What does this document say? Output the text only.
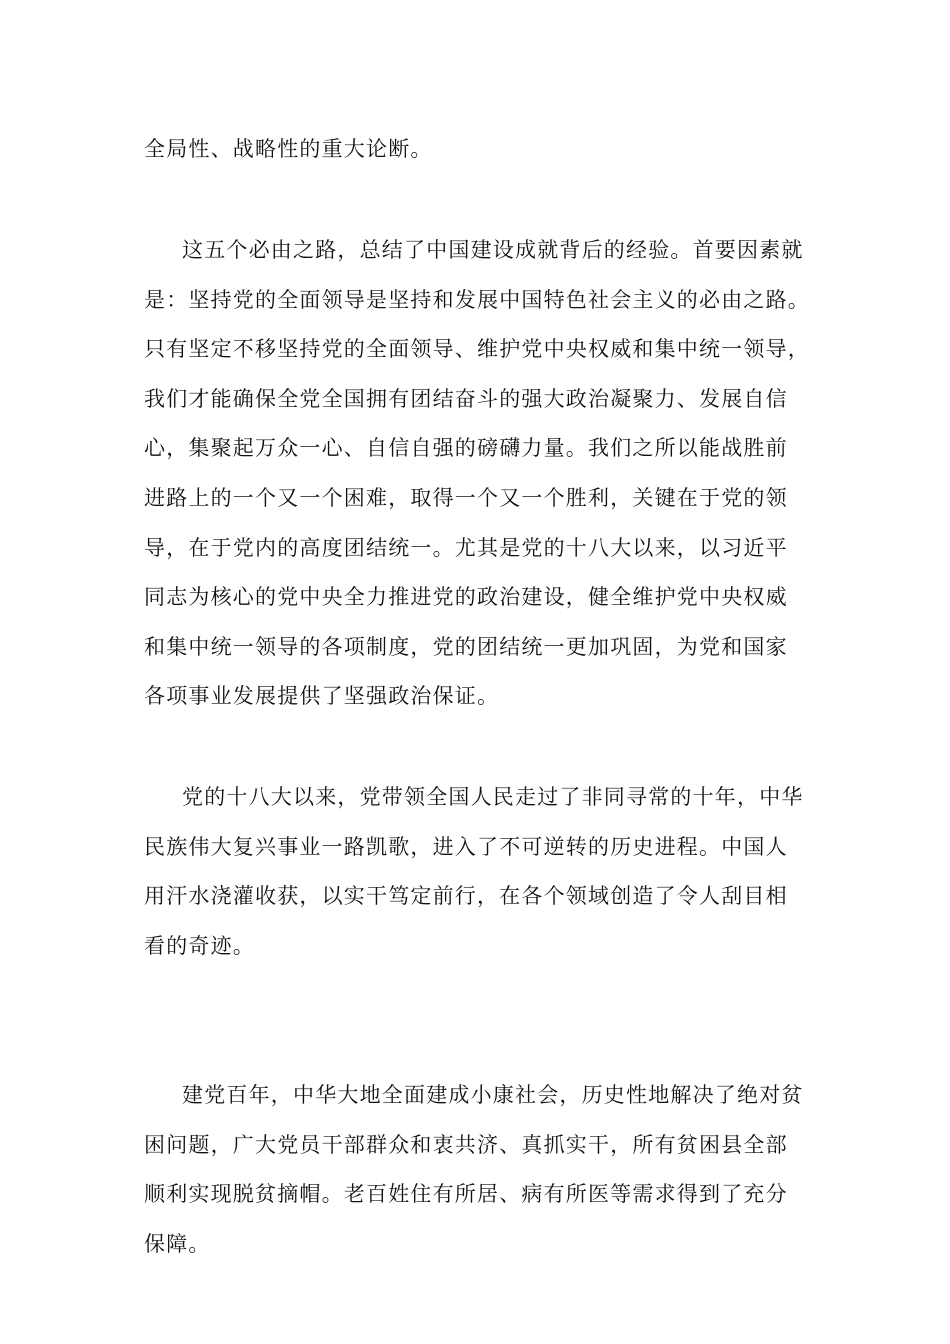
全局性、战略性的重大论断。
这五个必由之路，总结了中国建设成就背后的经验。首要因素就
是：坚持党的全面领导是坚持和发展中国特色社会主义的必由之路。
只有坚定不移坚持党的全面领导、维护党中央权威和集中统一领导，
我们才能确保全党全国拥有团结奋斗的强大政治凝聚力、发展自信
心，集聚起万众一心、自信自强的磅礴力量。我们之所以能战胜前
进路上的一个又一个困难，取得一个又一个胜利，关键在于党的领
导，在于党内的高度团结统一。尤其是党的十八大以来，以习近平
同志为核心的党中央全力推进党的政治建设，健全维护党中央权威
和集中统一领导的各项制度，党的团结统一更加巩固，为党和国家
各项事业发展提供了坚强政治保证。
党的十八大以来，党带领全国人民走过了非同寻常的十年，中华
民族伟大复兴事业一路凯歌，进入了不可逆转的历史进程。中国人
用汗水浇灌收获，以实干笃定前行，在各个领域创造了令人刮目相
看的奇迹。
建党百年，中华大地全面建成小康社会，历史性地解决了绝对贫
困问题，广大党员干部群众和衷共济、真抓实干，所有贫困县全部
顺利实现脱贫摘帽。老百姓住有所居、病有所医等需求得到了充分
保障。
